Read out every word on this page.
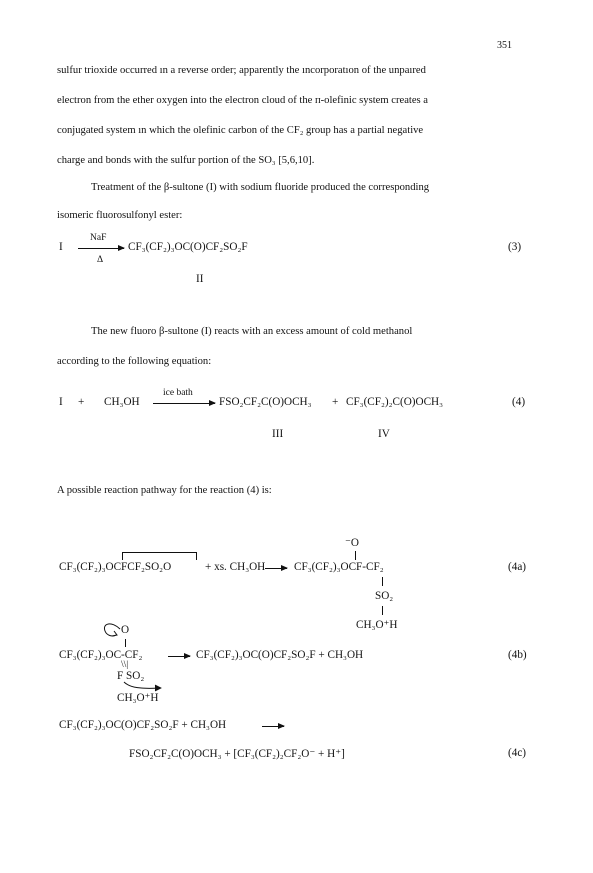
351
sulfur trioxide occurred ın a reverse order; apparently the ıncorporatıon of the unpaıred
electron from the ether oxygen into the electron cloud of the п-olefinic system creates a
conjugated system ın which the olefinic carbon of the CF₂ group has a partial negative
charge and bonds with the sulfur portion of the SO₃ [5,6,10].
Treatment of the β-sultone (I) with sodium fluoride produced the corresponding
isomeric fluorosulfonyl ester:
I
NaF
Δ
CF₃(CF₂)₃OC(O)CF₂SO₂F	(3)
II
The new fluoro β-sultone (I) reacts with an excess amount of cold methanol
according to the following equation:
I + CH₃OH
ice bath
→ FSO₂CF₂C(O)OCH₃ + CF₃(CF₂)₂C(O)OCH₃	(4)
III	IV
A possible reaction pathway for the reaction (4) is:
CF₃(CF₂)₃OCFCF₂SO₂O	+ xs. CH₃OH → CF₃(CF₂)₃OCF-CF₂
⁻O
SO₂
CH₃O⁺H
(4a)
O
CF₃(CF₂)₃OC-CF₂
\\|
F SO₂
CH₃O⁺H
→ CF₃(CF₂)₃OC(O)CF₂SO₂F + CH₃OH	(4b)
CF₃(CF₂)₃OC(O)CF₂SO₂F + CH₃OH
FSO₂CF₂C(O)OCH₃ + [CF₃(CF₂)₂CF₂O⁻ + H⁺]	(4c)
